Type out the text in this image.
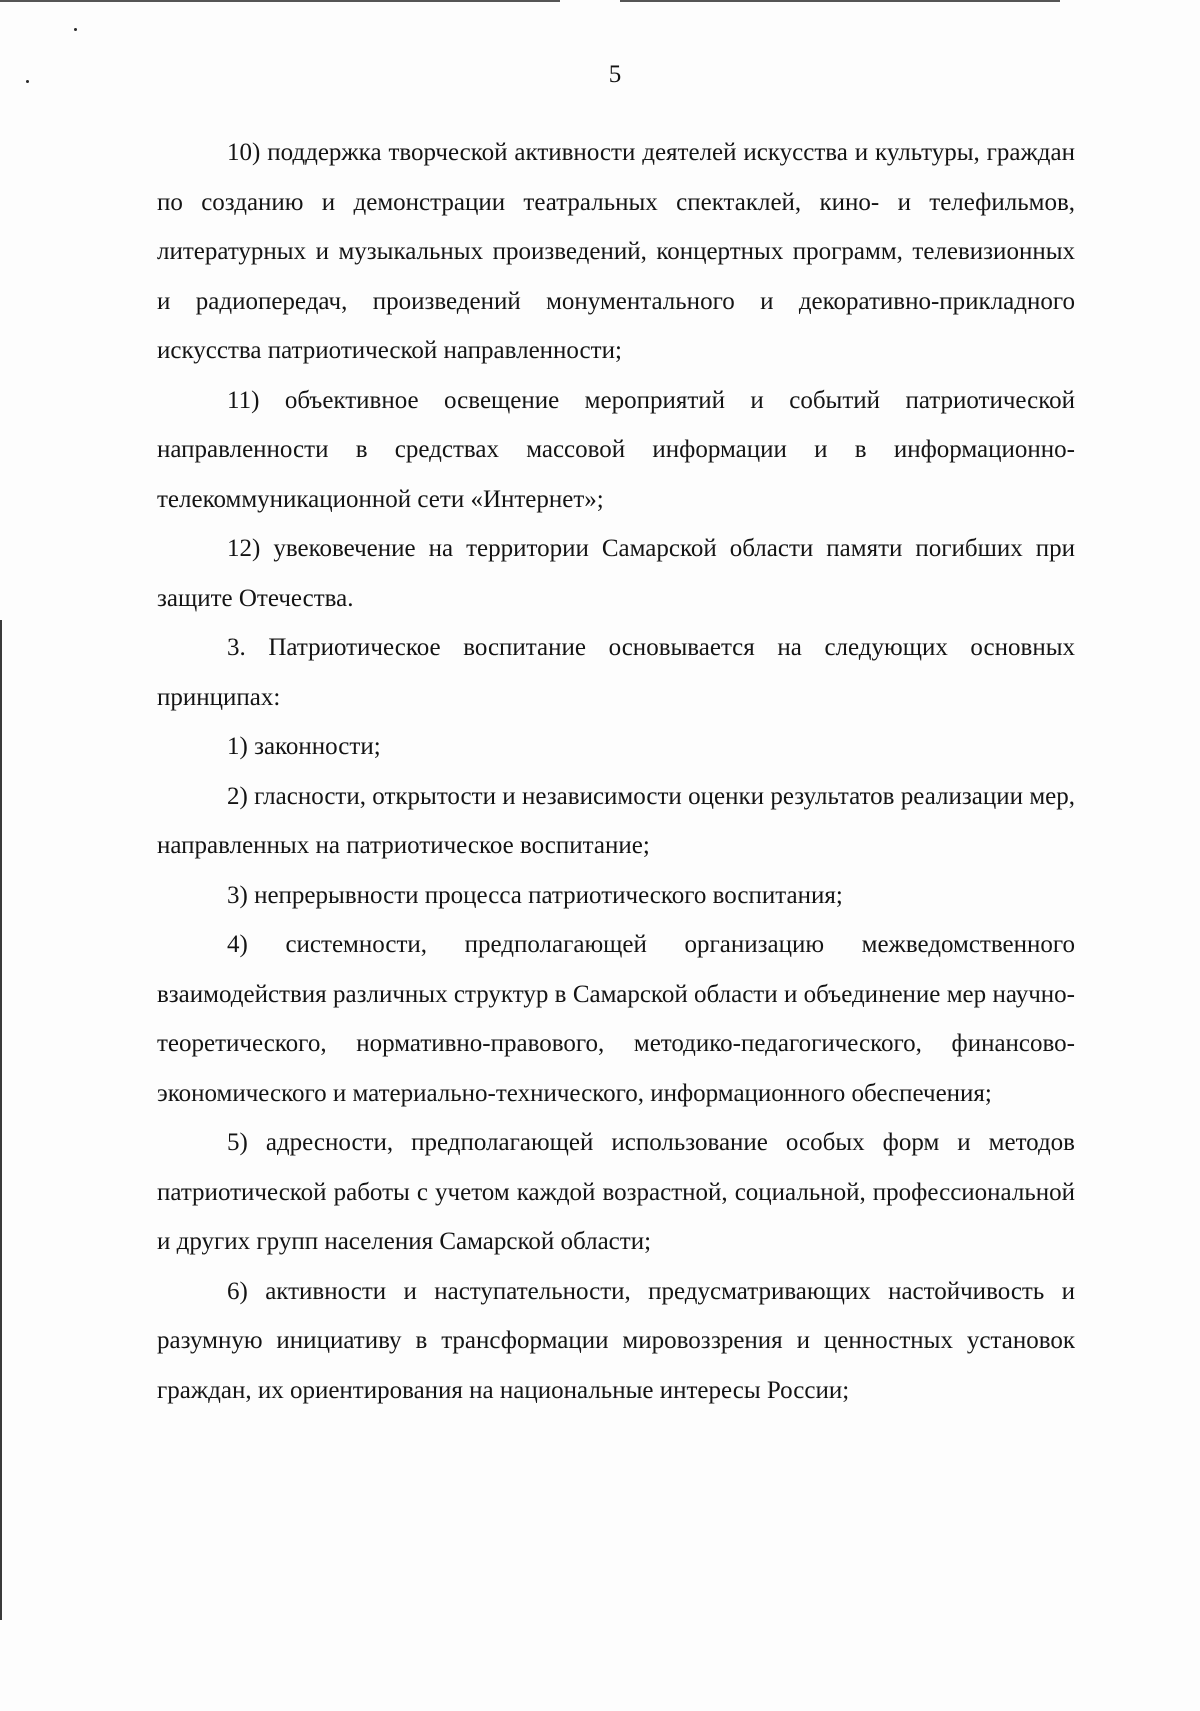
5

10) поддержка творческой активности деятелей искусства и культуры, граждан по созданию и демонстрации театральных спектаклей, кино- и телефильмов, литературных и музыкальных произведений, концертных программ, телевизионных и радиопередач, произведений монументального и декоративно-прикладного искусства патриотической направленности;

11) объективное освещение мероприятий и событий патриотической направленности в средствах массовой информации и в информационно-телекоммуникационной сети «Интернет»;

12) увековечение на территории Самарской области памяти погибших при защите Отечества.

3. Патриотическое воспитание основывается на следующих основных принципах:

1) законности;

2) гласности, открытости и независимости оценки результатов реализации мер, направленных на патриотическое воспитание;

3) непрерывности процесса патриотического воспитания;

4) системности, предполагающей организацию межведомственного взаимодействия различных структур в Самарской области и объединение мер научно-теоретического, нормативно-правового, методико-педагогического, финансово-экономического и материально-технического, информационного обеспечения;

5) адресности, предполагающей использование особых форм и методов патриотической работы с учетом каждой возрастной, социальной, профессиональной и других групп населения Самарской области;

6) активности и наступательности, предусматривающих настойчивость и разумную инициативу в трансформации мировоззрения и ценностных установок граждан, их ориентирования на национальные интересы России;
